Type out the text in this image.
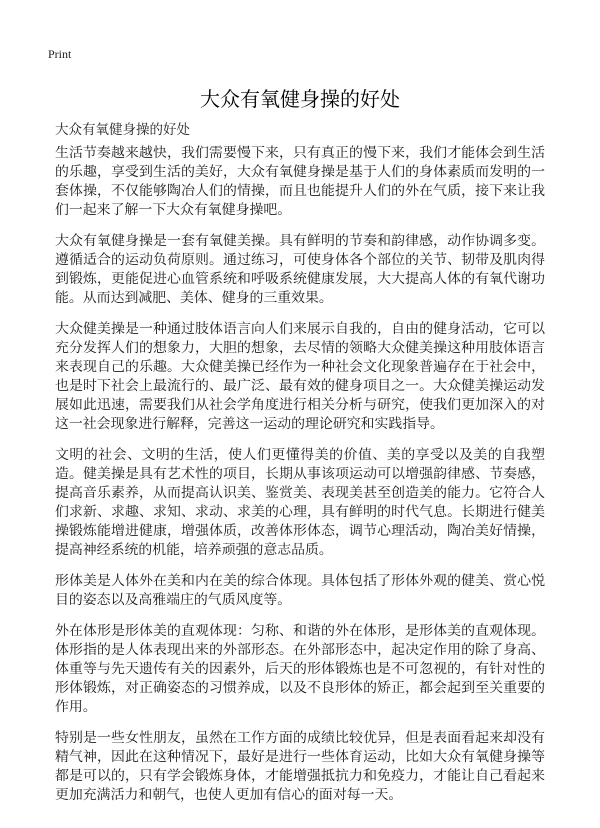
Print
大众有氧健身操的好处
大众有氧健身操的好处

生活节奏越来越快，我们需要慢下来，只有真正的慢下来，我们才能体会到生活的乐趣，享受到生活的美好，大众有氧健身操是基于人们的身体素质而发明的一套体操，不仅能够陶冶人们的情操，而且也能提升人们的外在气质，接下来让我们一起来了解一下大众有氧健身操吧。

大众有氧健身操是一套有氧健美操。具有鲜明的节奏和韵律感，动作协调多变。遵循适合的运动负荷原则。通过练习，可使身体各个部位的关节、韧带及肌肉得到锻炼，更能促进心血管系统和呼吸系统健康发展，大大提高人体的有氧代谢功能。从而达到减肥、美体、健身的三重效果。

大众健美操是一种通过肢体语言向人们来展示自我的，自由的健身活动，它可以充分发挥人们的想象力，大胆的想象，去尽情的领略大众健美操这种用肢体语言来表现自己的乐趣。大众健美操已经作为一种社会文化现象普遍存在于社会中，也是时下社会上最流行的、最广泛、最有效的健身项目之一。大众健美操运动发展如此迅速，需要我们从社会学角度进行相关分析与研究，使我们更加深入的对这一社会现象进行解释，完善这一运动的理论研究和实践指导。

文明的社会、文明的生活，使人们更懂得美的价值、美的享受以及美的自我塑造。健美操是具有艺术性的项目，长期从事该项运动可以增强韵律感、节奏感，提高音乐素养，从而提高认识美、鉴赏美、表现美甚至创造美的能力。它符合人们求新、求趣、求知、求动、求美的心理，具有鲜明的时代气息。长期进行健美操锻炼能增进健康，增强体质，改善体形体态，调节心理活动，陶冶美好情操，提高神经系统的机能，培养顽强的意志品质。

形体美是人体外在美和内在美的综合体现。具体包括了形体外观的健美、赏心悦目的姿态以及高雅端庄的气质风度等。

外在体形是形体美的直观体现：匀称、和谐的外在体形，是形体美的直观体现。体形指的是人体表现出来的外部形态。在外部形态中，起决定作用的除了身高、体重等与先天遗传有关的因素外，后天的形体锻炼也是不可忽视的，有针对性的形体锻炼，对正确姿态的习惯养成，以及不良形体的矫正，都会起到至关重要的作用。

特别是一些女性朋友，虽然在工作方面的成绩比较优异，但是表面看起来却没有精气神，因此在这种情况下，最好是进行一些体育运动，比如大众有氧健身操等都是可以的，只有学会锻炼身体，才能增强抵抗力和免疫力，才能让自己看起来更加充满活力和朝气，也使人更加有信心的面对每一天。
